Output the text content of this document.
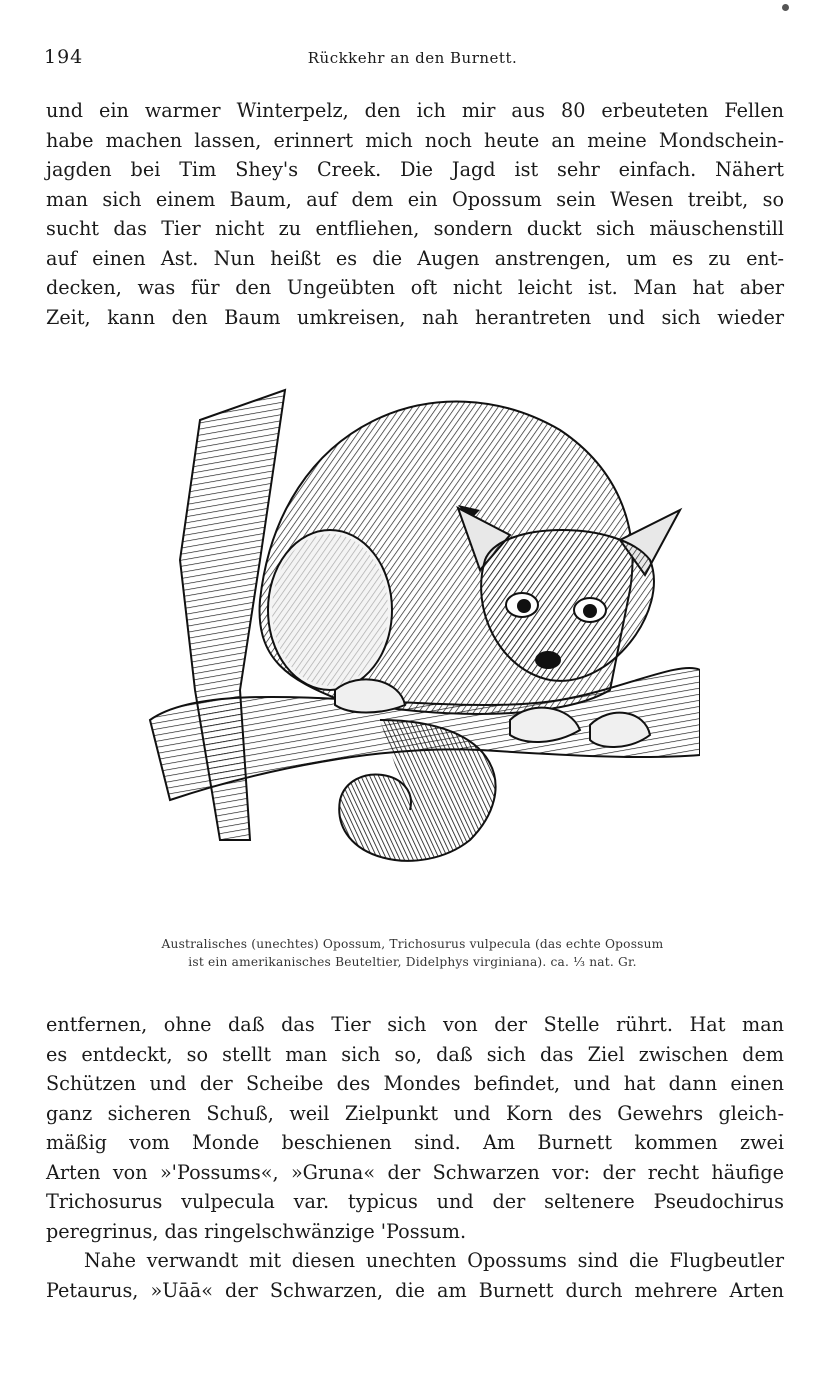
194	Rückkehr an den Burnett.
und ein warmer Winterpelz, den ich mir aus 80 erbeuteten Fellen
habe machen lassen, erinnert mich noch heute an meine Mondschein-
jagden bei Tim Shey's Creek. Die Jagd ist sehr einfach. Nähert
man sich einem Baum, auf dem ein Opossum sein Wesen treibt, so
sucht das Tier nicht zu entfliehen, sondern duckt sich mäuschenstill
auf einen Ast. Nun heißt es die Augen anstrengen, um es zu ent-
decken, was für den Ungeübten oft nicht leicht ist. Man hat aber
Zeit, kann den Baum umkreisen, nah herantreten und sich wieder
Australisches (unechtes) Opossum, Trichosurus vulpecula (das echte Opossum
ist ein amerikanisches Beuteltier, Didelphys virginiana). ca. ⅓ nat. Gr.
entfernen, ohne daß das Tier sich von der Stelle rührt. Hat man
es entdeckt, so stellt man sich so, daß sich das Ziel zwischen dem
Schützen und der Scheibe des Mondes befindet, und hat dann einen
ganz sicheren Schuß, weil Zielpunkt und Korn des Gewehrs gleich-
mäßig vom Monde beschienen sind. Am Burnett kommen zwei
Arten von »'Possums«, »Gruna« der Schwarzen vor: der recht häufige
Trichosurus vulpecula var. typicus und der seltenere Pseudochirus
peregrinus, das ringelschwänzige 'Possum.
Nahe verwandt mit diesen unechten Opossums sind die Flugbeutler
Petaurus, »Uāā« der Schwarzen, die am Burnett durch mehrere Arten
